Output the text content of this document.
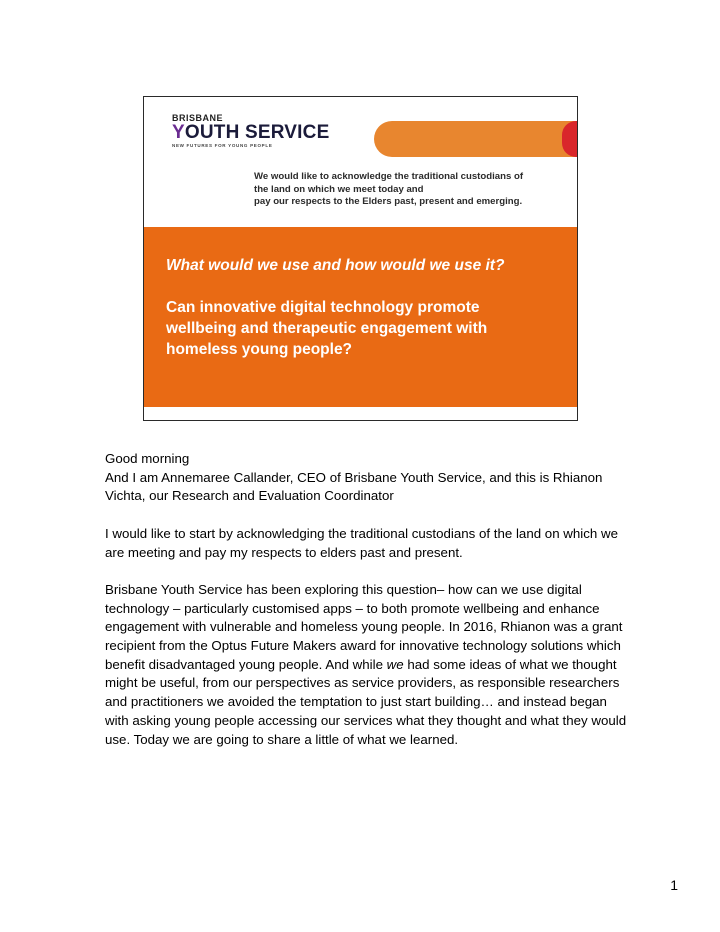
BRISBANE
YOUTH SERVICE
NEW FUTURES FOR YOUNG PEOPLE
We would like to acknowledge the traditional custodians of
the land on which we meet today and
pay our respects to the Elders past, present and emerging.
What would we use and how would we use it?
Can innovative digital technology promote
wellbeing and therapeutic engagement with
homeless young people?

Good morning
And I am Annemaree Callander, CEO of Brisbane Youth Service, and this is Rhianon
Vichta, our Research and Evaluation Coordinator

I would like to start by acknowledging the traditional custodians of the land on which we
are meeting and pay my respects to elders past and present.

Brisbane Youth Service has been exploring this question– how can we use digital
technology – particularly customised apps – to both promote wellbeing and enhance
engagement with vulnerable and homeless young people. In 2016, Rhianon was a grant
recipient from the Optus Future Makers award for innovative technology solutions which
benefit disadvantaged young people. And while we had some ideas of what we thought
might be useful, from our perspectives as service providers, as responsible researchers
and practitioners we avoided the temptation to just start building… and instead began
with asking young people accessing our services what they thought and what they would
use. Today we are going to share a little of what we learned.

1
